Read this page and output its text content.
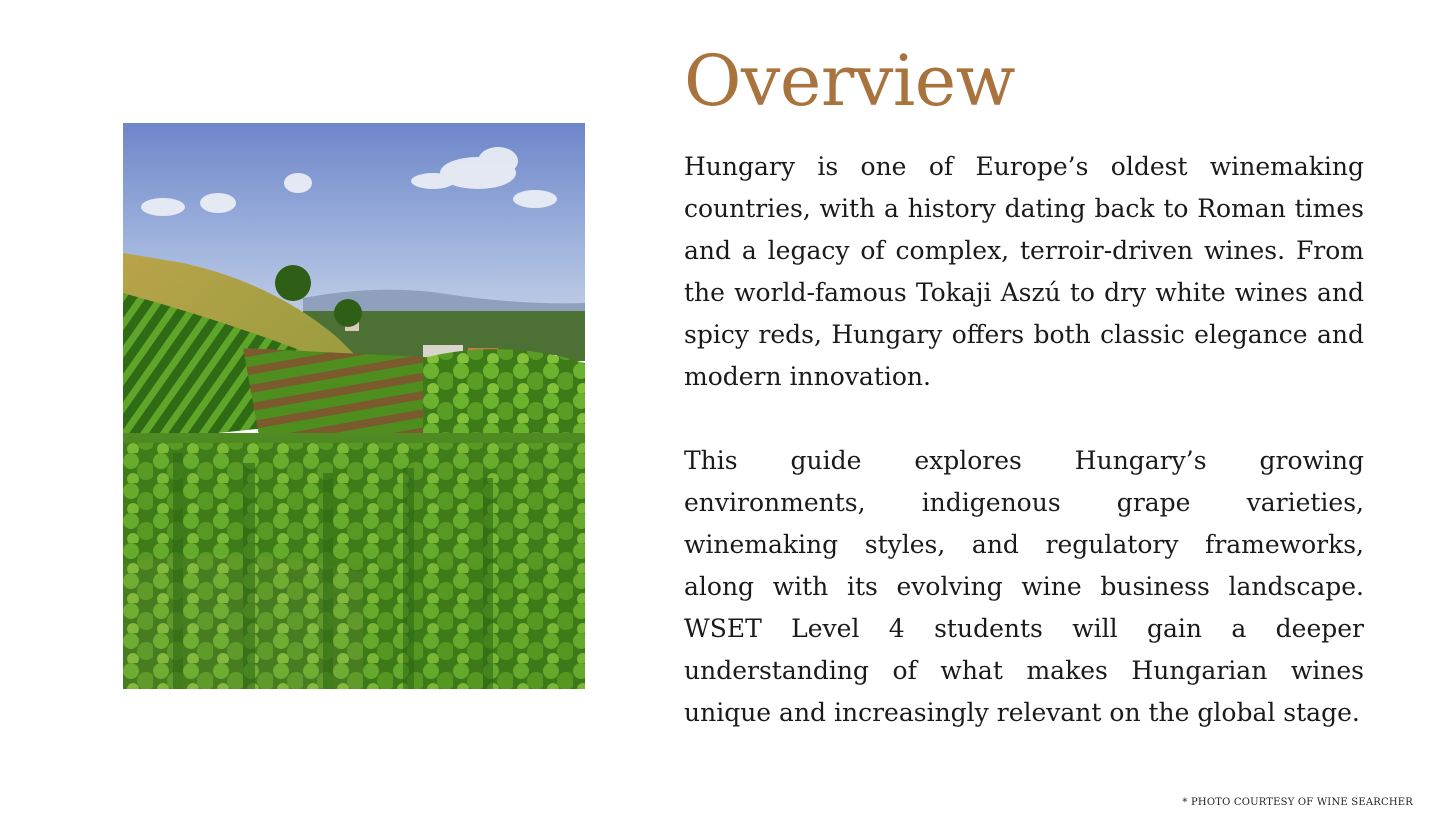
Overview

Hungary is one of Europe’s oldest winemaking countries, with a history dating back to Roman times and a legacy of complex, terroir-driven wines. From the world-famous Tokaji Aszú to dry white wines and spicy reds, Hungary offers both classic elegance and modern innovation.

This guide explores Hungary’s growing environments, indigenous grape varieties, winemaking styles, and regulatory frameworks, along with its evolving wine business landscape. WSET Level 4 students will gain a deeper understanding of what makes Hungarian wines unique and increasingly relevant on the global stage.

* PHOTO COURTESY OF WINE SEARCHER
